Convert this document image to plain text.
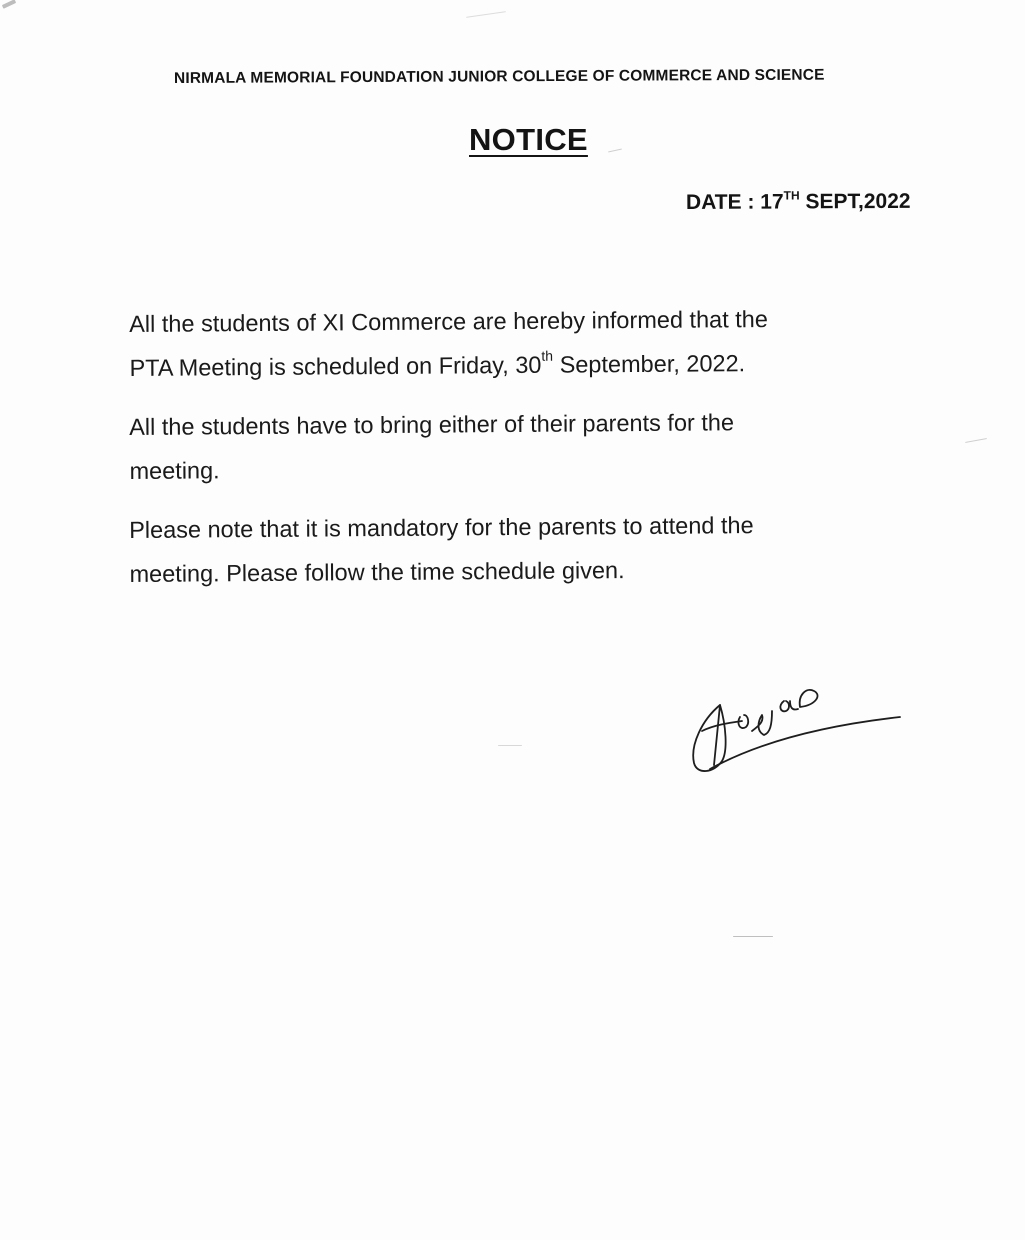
NIRMALA MEMORIAL FOUNDATION JUNIOR COLLEGE OF COMMERCE AND SCIENCE
NOTICE
DATE : 17TH SEPT,2022
All the students of XI Commerce are hereby informed that the
PTA Meeting is scheduled on Friday, 30th September, 2022.
All the students have to bring either of their parents for the
meeting.
Please note that it is mandatory for the parents to attend the
meeting. Please follow the time schedule given.
